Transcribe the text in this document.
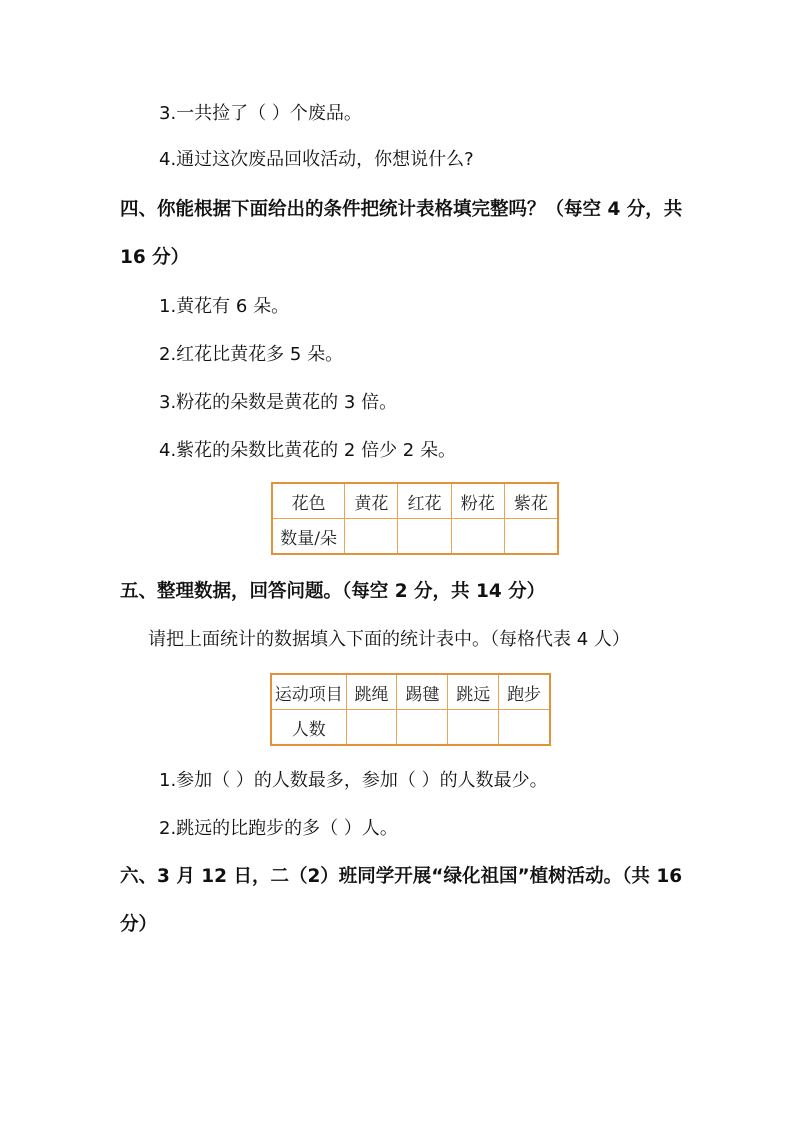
3.一共捡了（ ）个废品。
4.通过这次废品回收活动，你想说什么?
四、你能根据下面给出的条件把统计表格填完整吗？（每空 4 分，共
16 分）
1.黄花有 6 朵。
2.红花比黄花多 5 朵。
3.粉花的朵数是黄花的 3 倍。
4.紫花的朵数比黄花的 2 倍少 2 朵。
花色	黄花	红花	粉花	紫花
数量/朵				
五、整理数据，回答问题。（每空 2 分，共 14 分）
请把上面统计的数据填入下面的统计表中。（每格代表 4 人）
运动项目	跳绳	踢毽	跳远	跑步
人数				
1.参加（ ）的人数最多，参加（ ）的人数最少。
2.跳远的比跑步的多（ ）人。
六、3 月 12 日，二（2）班同学开展“绿化祖国”植树活动。（共 16
分）
